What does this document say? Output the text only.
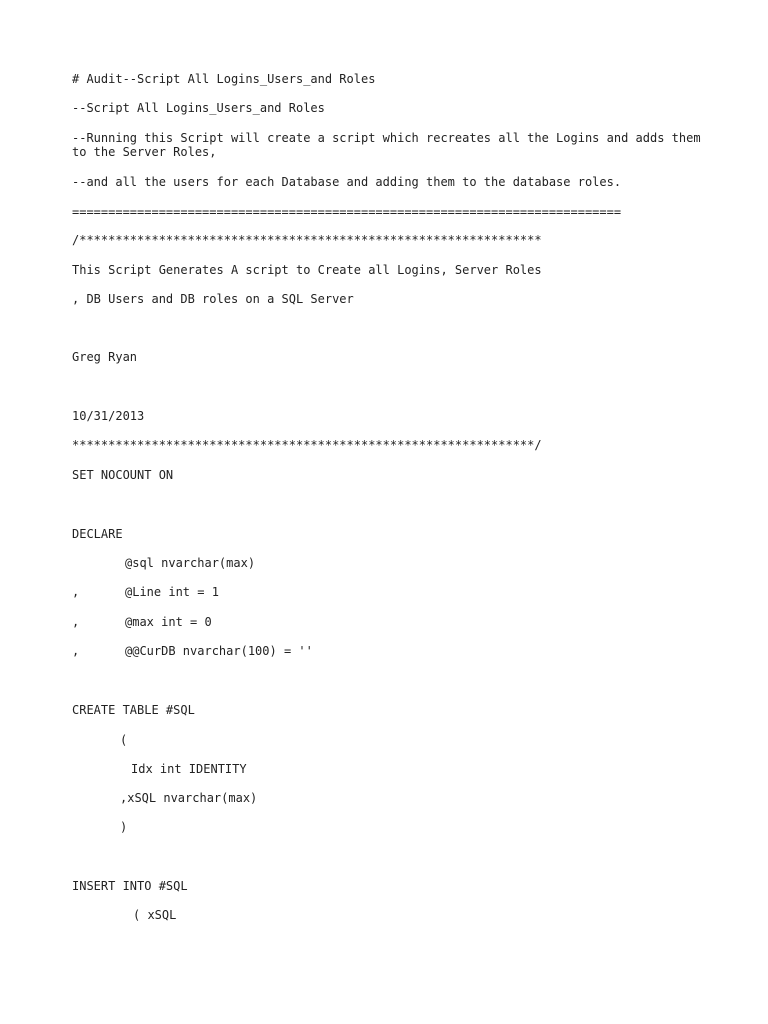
# Audit--Script All Logins_Users_and Roles

--Script All Logins_Users_and Roles

--Running this Script will create a script which recreates all the Logins and adds them to the Server Roles,

--and all the users for each Database and adding them to the database roles.

============================================================================

/****************************************************************

This Script Generates A script to Create all Logins, Server Roles

, DB Users and DB roles on a SQL Server

Greg Ryan

10/31/2013

****************************************************************/

SET NOCOUNT ON

DECLARE

@sql nvarchar(max)

,	@Line int = 1

,	@max int = 0

,	@@CurDB nvarchar(100) = ''

CREATE TABLE #SQL

(

Idx int IDENTITY

,xSQL nvarchar(max)

)

INSERT INTO #SQL

( xSQL
